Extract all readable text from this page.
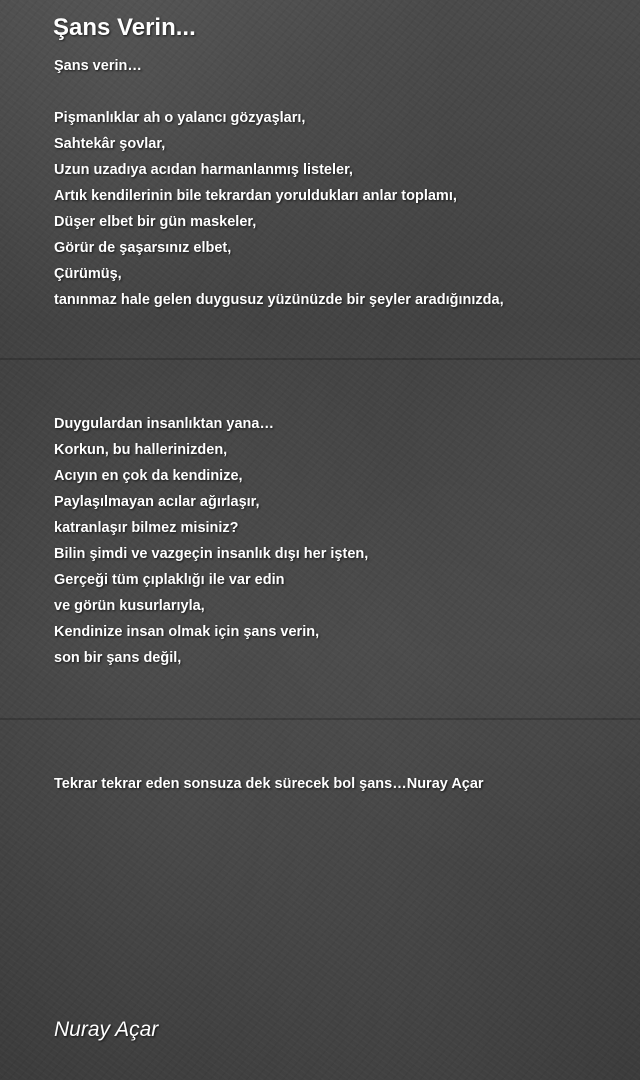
Şans Verin...
Şans verin…
Pişmanlıklar ah o yalancı gözyaşları,
Sahtekâr şovlar,
Uzun uzadıya acıdan harmanlanmış listeler,
Artık kendilerinin bile tekrardan yoruldukları anlar toplamı,
Düşer elbet bir gün maskeler,
Görür de şaşarsınız elbet,
Çürümüş,
tanınmaz hale gelen duygusuz yüzünüzde bir şeyler aradığınızda,
Duygulardan insanlıktan yana…
Korkun, bu hallerinizden,
Acıyın en çok da kendinize,
Paylaşılmayan acılar ağırlaşır,
katranlaşır bilmez misiniz?
Bilin şimdi ve vazgeçin insanlık dışı her işten,
Gerçeği tüm çıplaklığı ile var edin
ve görün kusurlarıyla,
Kendinize insan olmak için şans verin,
son bir şans değil,
Tekrar tekrar eden sonsuza dek sürecek bol şans…Nuray Açar
Nuray Açar
